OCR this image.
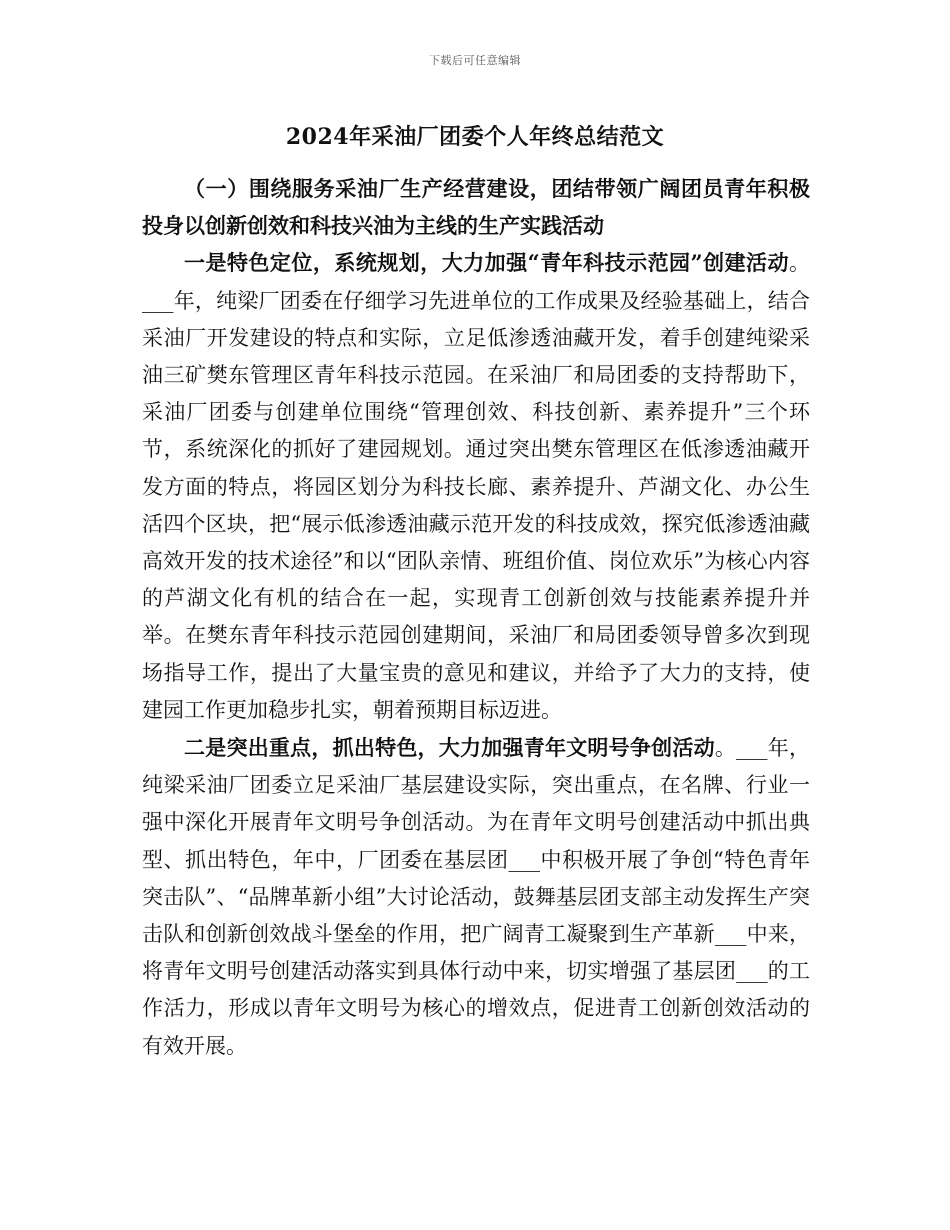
下载后可任意编辑
2024年采油厂团委个人年终总结范文

（一）围绕服务采油厂生产经营建设，团结带领广阔团员青年积极投身以创新创效和科技兴油为主线的生产实践活动

一是特色定位，系统规划，大力加强“青年科技示范园”创建活动。___年，纯梁厂团委在仔细学习先进单位的工作成果及经验基础上，结合采油厂开发建设的特点和实际，立足低渗透油藏开发，着手创建纯梁采油三矿樊东管理区青年科技示范园。在采油厂和局团委的支持帮助下，采油厂团委与创建单位围绕“管理创效、科技创新、素养提升”三个环节，系统深化的抓好了建园规划。通过突出樊东管理区在低渗透油藏开发方面的特点，将园区划分为科技长廊、素养提升、芦湖文化、办公生活四个区块，把“展示低渗透油藏示范开发的科技成效，探究低渗透油藏高效开发的技术途径”和以“团队亲情、班组价值、岗位欢乐”为核心内容的芦湖文化有机的结合在一起，实现青工创新创效与技能素养提升并举。在樊东青年科技示范园创建期间，采油厂和局团委领导曾多次到现场指导工作，提出了大量宝贵的意见和建议，并给予了大力的支持，使建园工作更加稳步扎实，朝着预期目标迈进。

二是突出重点，抓出特色，大力加强青年文明号争创活动。___年，纯梁采油厂团委立足采油厂基层建设实际，突出重点，在名牌、行业一强中深化开展青年文明号争创活动。为在青年文明号创建活动中抓出典型、抓出特色，年中，厂团委在基层团___中积极开展了争创“特色青年突击队”、“品牌革新小组”大讨论活动，鼓舞基层团支部主动发挥生产突击队和创新创效战斗堡垒的作用，把广阔青工凝聚到生产革新___中来，将青年文明号创建活动落实到具体行动中来，切实增强了基层团___的工作活力，形成以青年文明号为核心的增效点，促进青工创新创效活动的有效开展。
